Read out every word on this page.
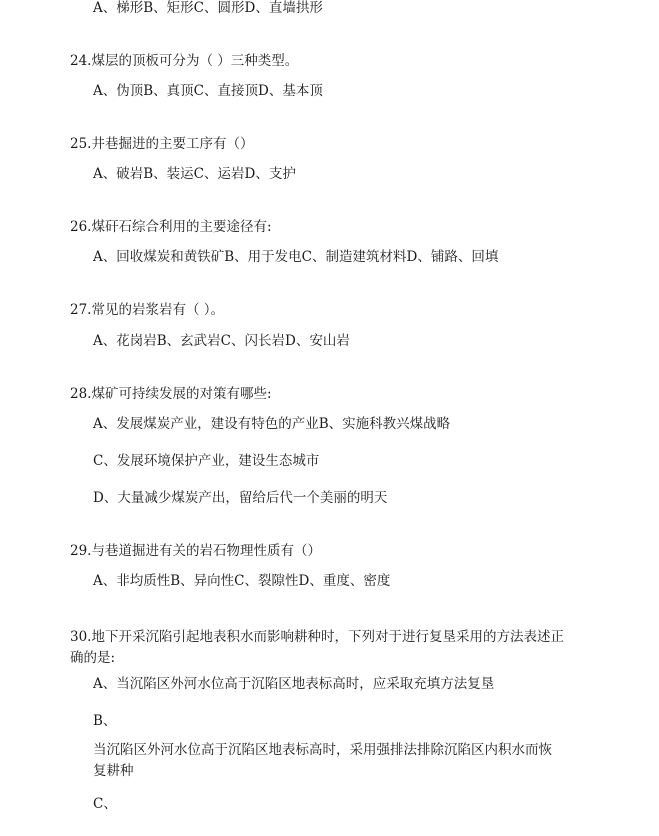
A、梯形B、矩形C、圆形D、直墙拱形
24.煤层的顶板可分为（ ）三种类型。
A、伪顶B、真顶C、直接顶D、基本顶
25.井巷掘进的主要工序有（）
A、破岩B、装运C、运岩D、支护
26.煤矸石综合利用的主要途径有:
A、回收煤炭和黄铁矿B、用于发电C、制造建筑材料D、铺路、回填
27.常见的岩浆岩有（ ）。
A、花岗岩B、玄武岩C、闪长岩D、安山岩
28.煤矿可持续发展的对策有哪些:
A、发展煤炭产业，建设有特色的产业B、实施科教兴煤战略
C、发展环境保护产业，建设生态城市
D、大量减少煤炭产出，留给后代一个美丽的明天
29.与巷道掘进有关的岩石物理性质有（）
A、非均质性B、异向性C、裂隙性D、重度、密度
30.地下开采沉陷引起地表积水而影响耕种时，下列对于进行复垦采用的方法表述正确的是:
A、当沉陷区外河水位高于沉陷区地表标高时，应采取充填方法复垦
B、
当沉陷区外河水位高于沉陷区地表标高时，采用强排法排除沉陷区内积水而恢复耕种
C、
